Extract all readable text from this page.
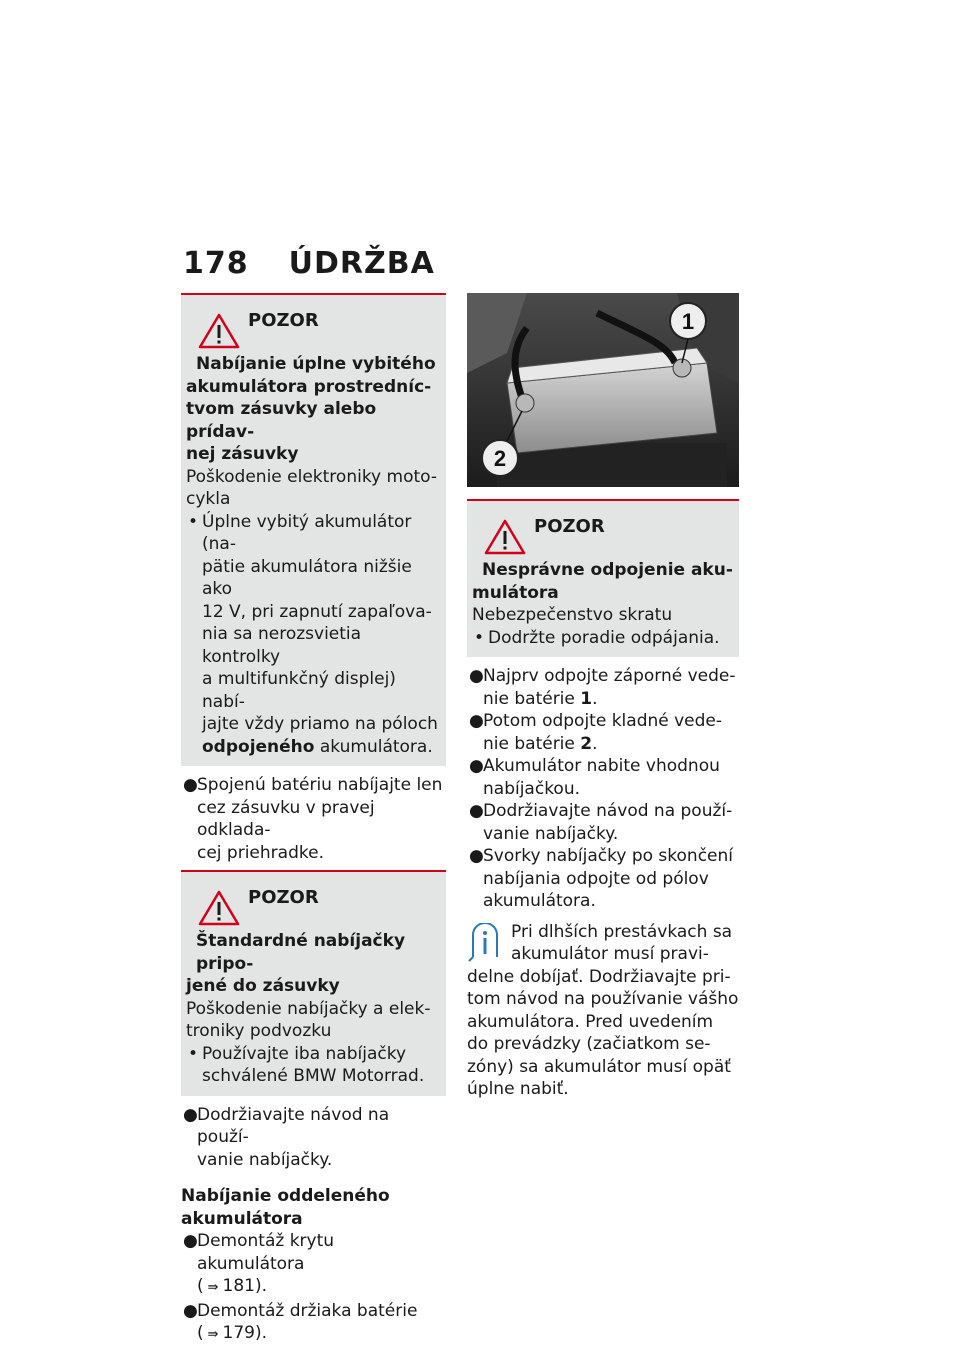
178 ÚDRŽBA
POZOR
Nabíjanie úplne vybitého
akumulátora prostredníc-
tvom zásuvky alebo prídav-
nej zásuvky
Poškodenie elektroniky moto-
cykla
• Úplne vybitý akumulátor (na-
pätie akumulátora nižšie ako
12 V, pri zapnutí zapaľova-
nia sa nerozsvietia kontrolky
a multifunkčný displej) nabí-
jajte vždy priamo na póloch
odpojeného akumulátora.
● Spojenú batériu nabíjajte len
cez zásuvku v pravej odklada-
cej priehradke.
POZOR
Štandardné nabíjačky pripo-
jené do zásuvky
Poškodenie nabíjačky a elek-
troniky podvozku
• Používajte iba nabíjačky
schválené BMW Motorrad.
● Dodržiavajte návod na použí-
vanie nabíjačky.
Nabíjanie oddeleného
akumulátora
● Demontáž krytu akumulátora
( ⇛ 181).
● Demontáž držiaka batérie
( ⇛ 179).
1
2
POZOR
Nesprávne odpojenie aku-
mulátora
Nebezpečenstvo skratu
• Dodržte poradie odpájania.
● Najprv odpojte záporné vede-
nie batérie 1.
● Potom odpojte kladné vede-
nie batérie 2.
● Akumulátor nabite vhodnou
nabíjačkou.
● Dodržiavajte návod na použí-
vanie nabíjačky.
● Svorky nabíjačky po skončení
nabíjania odpojte od pólov
akumulátora.
Pri dlhších prestávkach sa
akumulátor musí pravi-
delne dobíjať. Dodržiavajte pri-
tom návod na používanie vášho
akumulátora. Pred uvedením
do prevádzky (začiatkom se-
zóny) sa akumulátor musí opäť
úplne nabiť.
